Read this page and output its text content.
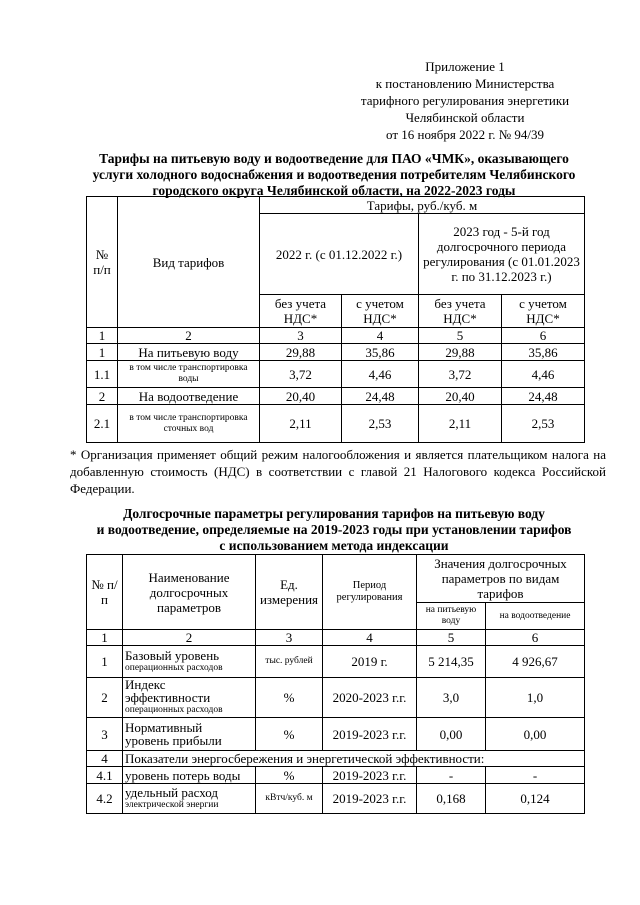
Приложение 1
к постановлению Министерства
тарифного регулирования энергетики
Челябинской области
от 16 ноября 2022 г. № 94/39
Тарифы на питьевую воду и водоотведение для ПАО «ЧМК», оказывающего
услуги холодного водоснабжения и водоотведения потребителям Челябинского
городского округа Челябинской области, на 2022-2023 годы
№ п/п	Вид тарифов	Тарифы, руб./куб. м			
		2022 г. (с 01.12.2022 г.)		2023 год - 5-й год долгосрочного периода регулирования (с 01.01.2023 г. по 31.12.2023 г.)	
		без учета НДС*	с учетом НДС*	без учета НДС*	с учетом НДС*
1	2	3	4	5	6
1	На питьевую воду	29,88	35,86	29,88	35,86
1.1	в том числе транспортировка воды	3,72	4,46	3,72	4,46
2	На водоотведение	20,40	24,48	20,40	24,48
2.1	в том числе транспортировка сточных вод	2,11	2,53	2,11	2,53
* Организация применяет общий режим налогообложения и является плательщиком налога на добавленную стоимость (НДС) в соответствии с главой 21 Налогового кодекса Российской Федерации.
Долгосрочные параметры регулирования тарифов на питьевую воду
и водоотведение, определяемые на 2019-2023 годы при установлении тарифов
с использованием метода индексации
№ п/п	Наименование долгосрочных параметров	Ед. измерения	Период регулирования	Значения долгосрочных параметров по видам тарифов	
				на питьевую воду	на водоотведение
1	2	3	4	5	6
1	Базовый уровень
операционных расходов	тыс. рублей	2019 г.	5 214,35	4 926,67
2	Индекс эффективности
операционных расходов	%	2020-2023 г.г.	3,0	1,0
3	Нормативный
уровень прибыли	%	2019-2023 г.г.	0,00	0,00
4	Показатели энергосбережения и энергетической эффективности:				
4.1	уровень потерь воды	%	2019-2023 г.г.	-	-
4.2	удельный расход
электрической энергии	кВтч/куб. м	2019-2023 г.г.	0,168	0,124
